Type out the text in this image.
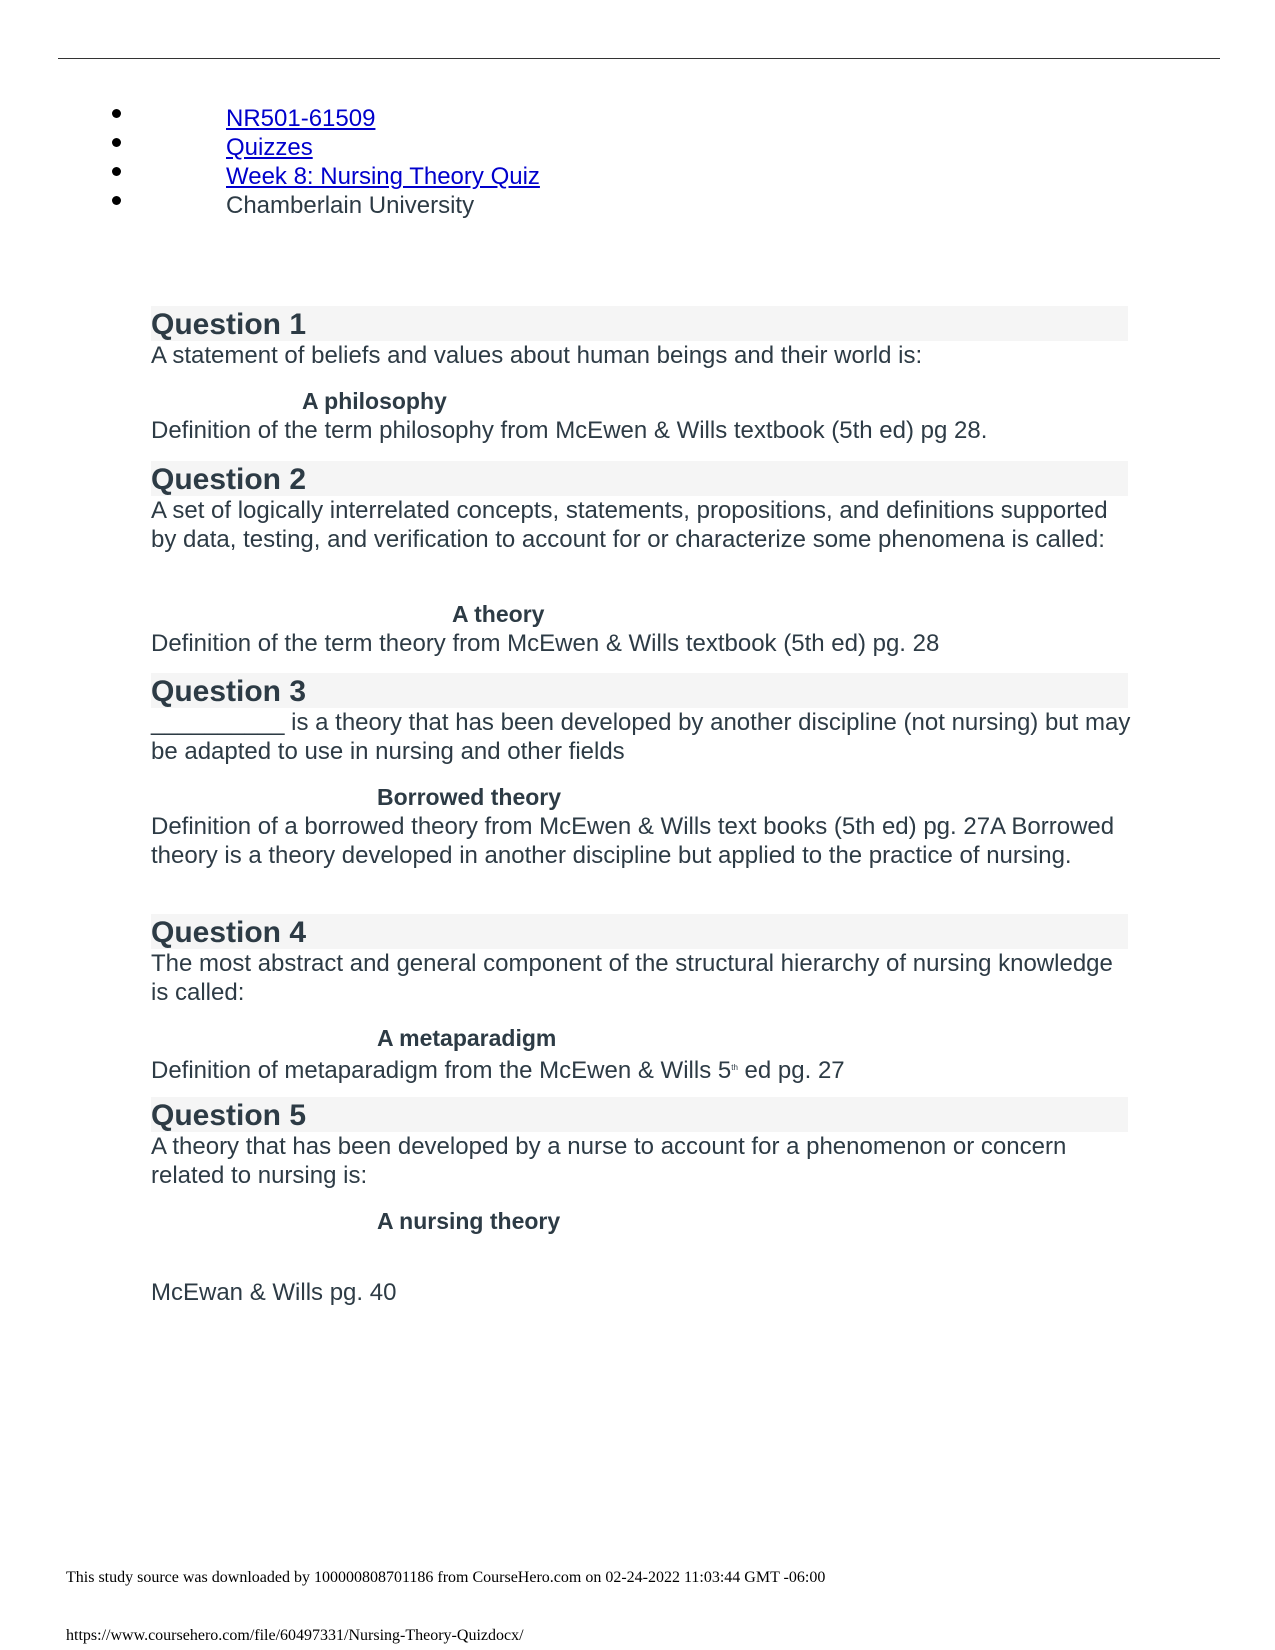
NR501-61509
Quizzes
Week 8: Nursing Theory Quiz
Chamberlain University
Question 1
A statement of beliefs and values about human beings and their world is:
A philosophy
Definition of the term philosophy from McEwen & Wills textbook (5th ed) pg 28.
Question 2
A set of logically interrelated concepts, statements, propositions, and definitions supported by data, testing, and verification to account for or characterize some phenomena is called:
A theory
Definition of the term theory from McEwen & Wills textbook (5th ed) pg. 28
Question 3
__________ is a theory that has been developed by another discipline (not nursing) but may be adapted to use in nursing and other fields
Borrowed theory
Definition of a borrowed theory from McEwen & Wills text books (5th ed) pg. 27A Borrowed theory is a theory developed in another discipline but applied to the practice of nursing.
Question 4
The most abstract and general component of the structural hierarchy of nursing knowledge is called:
A metaparadigm
Definition of metaparadigm from the McEwen & Wills 5th ed pg. 27
Question 5
A theory that has been developed by a nurse to account for a phenomenon or concern related to nursing is:
A nursing theory
McEwan & Wills pg. 40
This study source was downloaded by 100000808701186 from CourseHero.com on 02-24-2022 11:03:44 GMT -06:00
https://www.coursehero.com/file/60497331/Nursing-Theory-Quizdocx/
